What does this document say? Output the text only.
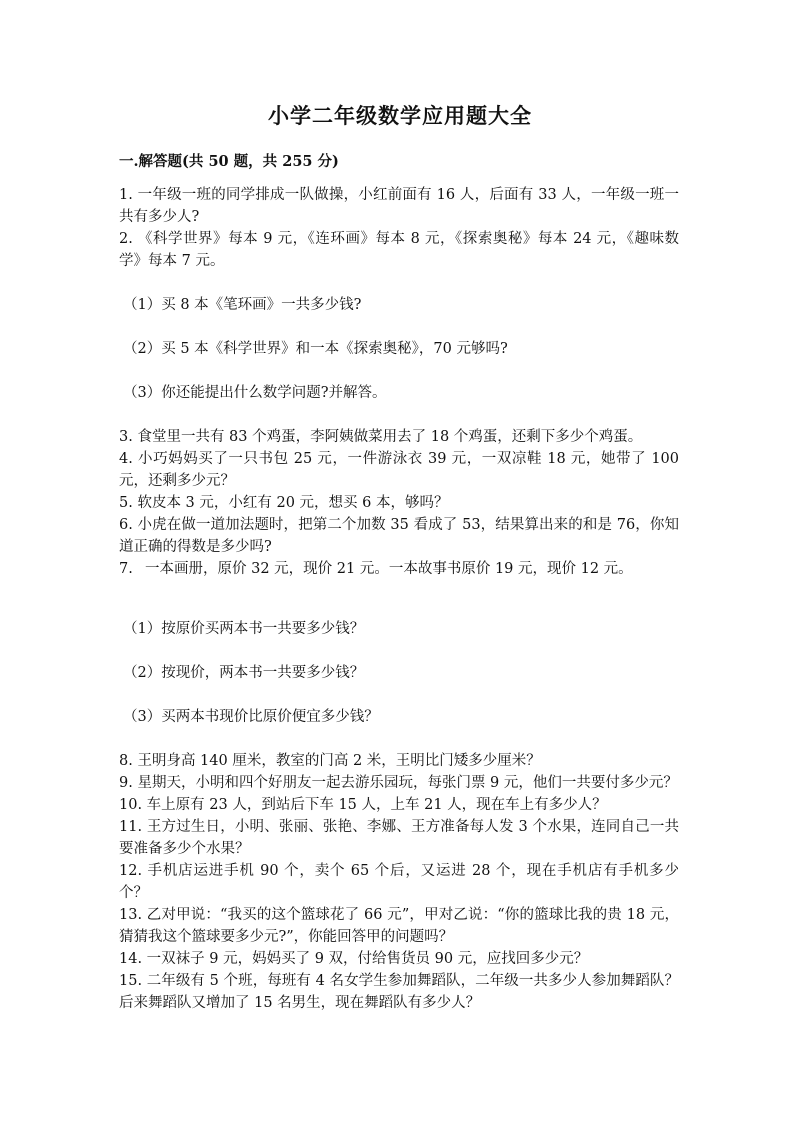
小学二年级数学应用题大全
一.解答题(共 50 题，共 255 分)

1. 一年级一班的同学排成一队做操，小红前面有 16 人，后面有 33 人，一年级一班一共有多少人?

2. 《科学世界》每本 9 元，《连环画》每本 8 元，《探索奥秘》每本 24 元，《趣味数学》每本 7 元。

（1）买 8 本《笔环画》一共多少钱?

（2）买 5 本《科学世界》和一本《探索奥秘》，70 元够吗?

（3）你还能提出什么数学问题?并解答。

3. 食堂里一共有 83 个鸡蛋，李阿姨做菜用去了 18 个鸡蛋，还剩下多少个鸡蛋。

4. 小巧妈妈买了一只书包 25 元，一件游泳衣 39 元，一双凉鞋 18 元，她带了 100 元，还剩多少元？

5. 软皮本 3 元，小红有 20 元，想买 6 本，够吗？

6. 小虎在做一道加法题时，把第二个加数 35 看成了 53，结果算出来的和是 76，你知道正确的得数是多少吗?

7. 一本画册，原价 32 元，现价 21 元。一本故事书原价 19 元，现价 12 元。

（1）按原价买两本书一共要多少钱？

（2）按现价，两本书一共要多少钱？

（3）买两本书现价比原价便宜多少钱？

8. 王明身高 140 厘米，教室的门高 2 米，王明比门矮多少厘米？

9. 星期天，小明和四个好朋友一起去游乐园玩，每张门票 9 元，他们一共要付多少元？

10. 车上原有 23 人，到站后下车 15 人，上车 21 人，现在车上有多少人？

11. 王方过生日，小明、张丽、张艳、李娜、王方准备每人发 3 个水果，连同自己一共要准备多少个水果？

12. 手机店运进手机 90 个，卖个 65 个后，又运进 28 个，现在手机店有手机多少个？

13. 乙对甲说：“我买的这个篮球花了 66 元”，甲对乙说：“你的篮球比我的贵 18 元，猜猜我这个篮球要多少元?”，你能回答甲的问题吗？

14. 一双袜子 9 元，妈妈买了 9 双，付给售货员 90 元，应找回多少元？

15. 二年级有 5 个班，每班有 4 名女学生参加舞蹈队，二年级一共多少人参加舞蹈队？后来舞蹈队又增加了 15 名男生，现在舞蹈队有多少人？
